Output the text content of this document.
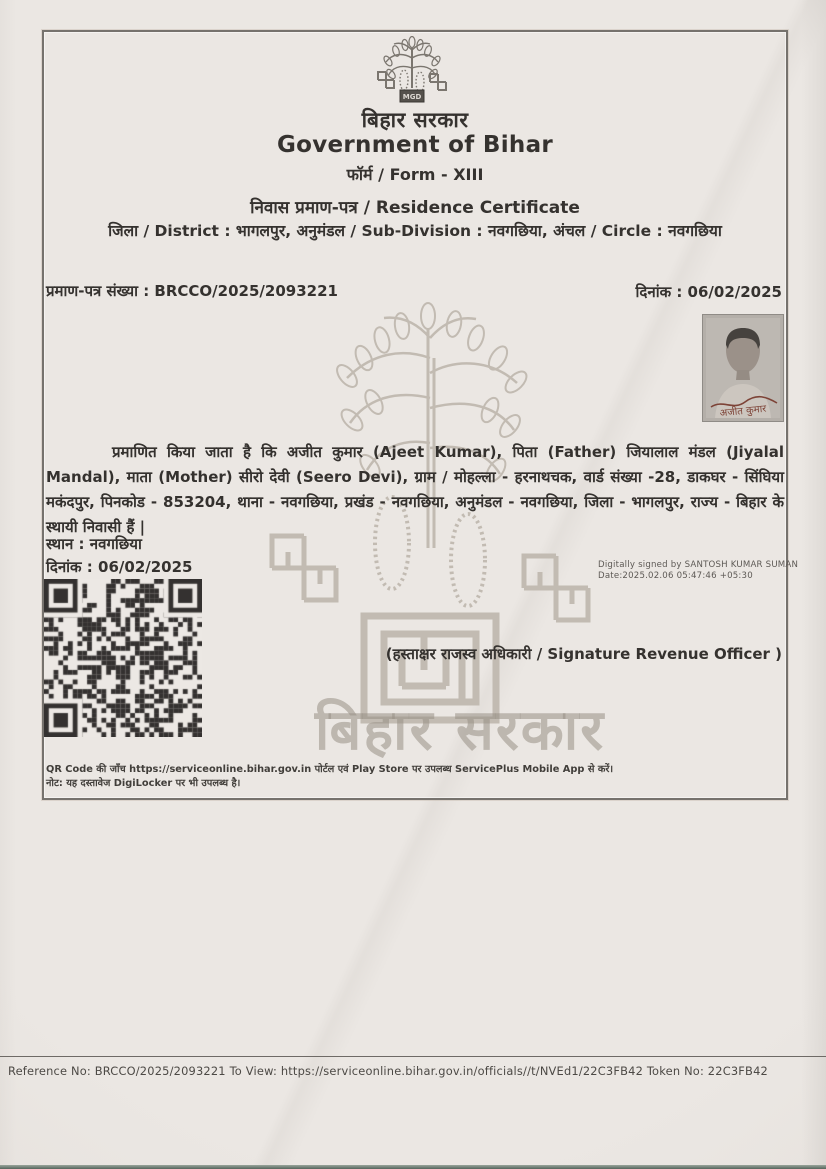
बिहार सरकार
MGD
बिहार सरकार
Government of Bihar
फॉर्म / Form - XIII
निवास प्रमाण-पत्र / Residence Certificate
जिला / District : भागलपुर, अनुमंडल / Sub-Division : नवगछिया, अंचल / Circle : नवगछिया
प्रमाण-पत्र संख्या : BRCCO/2025/2093221	दिनांक : 06/02/2025
अजीत कुमार
प्रमाणित किया जाता है कि अजीत कुमार (Ajeet Kumar), पिता (Father) जियालाल मंडल (Jiyalal Mandal), माता (Mother) सीरो देवी (Seero Devi), ग्राम / मोहल्ला - हरनाथचक, वार्ड संख्या -28, डाकघर - सिंघिया मकंदपुर, पिनकोड - 853204, थाना - नवगछिया, प्रखंड - नवगछिया, अनुमंडल - नवगछिया, जिला - भागलपुर, राज्य - बिहार के स्थायी निवासी हैं |
स्थान : नवगछिया
दिनांक : 06/02/2025	Digitally signed by SANTOSH KUMAR SUMAN
Date:2025.02.06 05:47:46 +05:30
(हस्ताक्षर राजस्व अधिकारी / Signature Revenue Officer )
QR Code की जाँच https://serviceonline.bihar.gov.in पोर्टल एवं Play Store पर उपलब्ध ServicePlus Mobile App से करें।
नोट: यह दस्तावेज DigiLocker पर भी उपलब्ध है।
Reference No: BRCCO/2025/2093221 To View: https://serviceonline.bihar.gov.in/officials//t/NVEd1/22C3FB42 Token No: 22C3FB42
